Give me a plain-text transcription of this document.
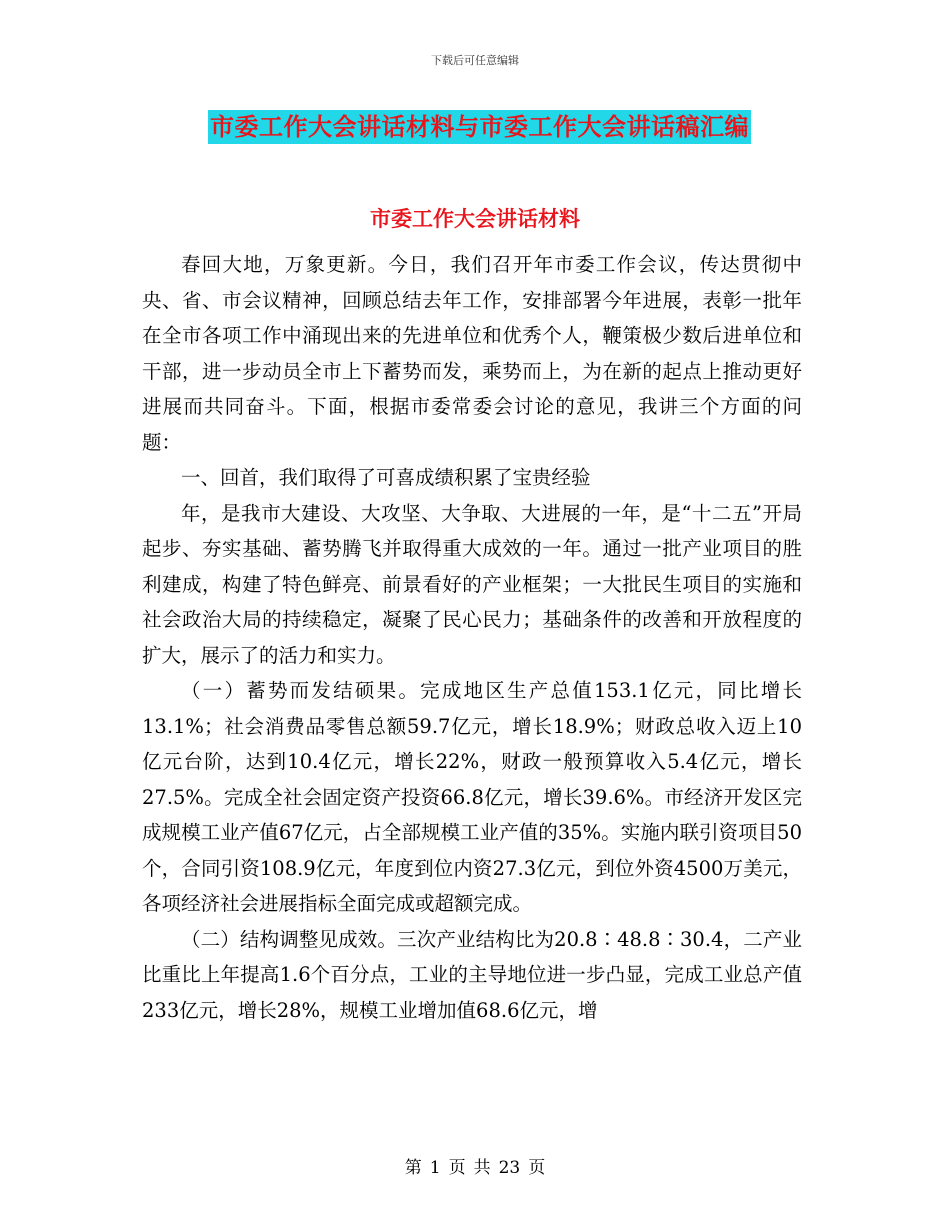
下载后可任意编辑
市委工作大会讲话材料与市委工作大会讲话稿汇编
市委工作大会讲话材料

春回大地，万象更新。今日，我们召开年市委工作会议，传达贯彻中央、省、市会议精神，回顾总结去年工作，安排部署今年进展，表彰一批年在全市各项工作中涌现出来的先进单位和优秀个人，鞭策极少数后进单位和干部，进一步动员全市上下蓄势而发，乘势而上，为在新的起点上推动更好进展而共同奋斗。下面，根据市委常委会讨论的意见，我讲三个方面的问题：

一、回首，我们取得了可喜成绩积累了宝贵经验

年，是我市大建设、大攻坚、大争取、大进展的一年，是“十二五”开局起步、夯实基础、蓄势腾飞并取得重大成效的一年。通过一批产业项目的胜利建成，构建了特色鲜亮、前景看好的产业框架；一大批民生项目的实施和社会政治大局的持续稳定，凝聚了民心民力；基础条件的改善和开放程度的扩大，展示了的活力和实力。

（一）蓄势而发结硕果。完成地区生产总值153.1亿元，同比增长13.1%；社会消费品零售总额59.7亿元，增长18.9%；财政总收入迈上10亿元台阶，达到10.4亿元，增长22%，财政一般预算收入5.4亿元，增长27.5%。完成全社会固定资产投资66.8亿元，增长39.6%。市经济开发区完成规模工业产值67亿元，占全部规模工业产值的35%。实施内联引资项目50个，合同引资108.9亿元，年度到位内资27.3亿元，到位外资4500万美元，各项经济社会进展指标全面完成或超额完成。

（二）结构调整见成效。三次产业结构比为20.8∶48.8∶30.4，二产业比重比上年提高1.6个百分点，工业的主导地位进一步凸显，完成工业总产值233亿元，增长28%，规模工业增加值68.6亿元，增

第 1 页 共 23 页
